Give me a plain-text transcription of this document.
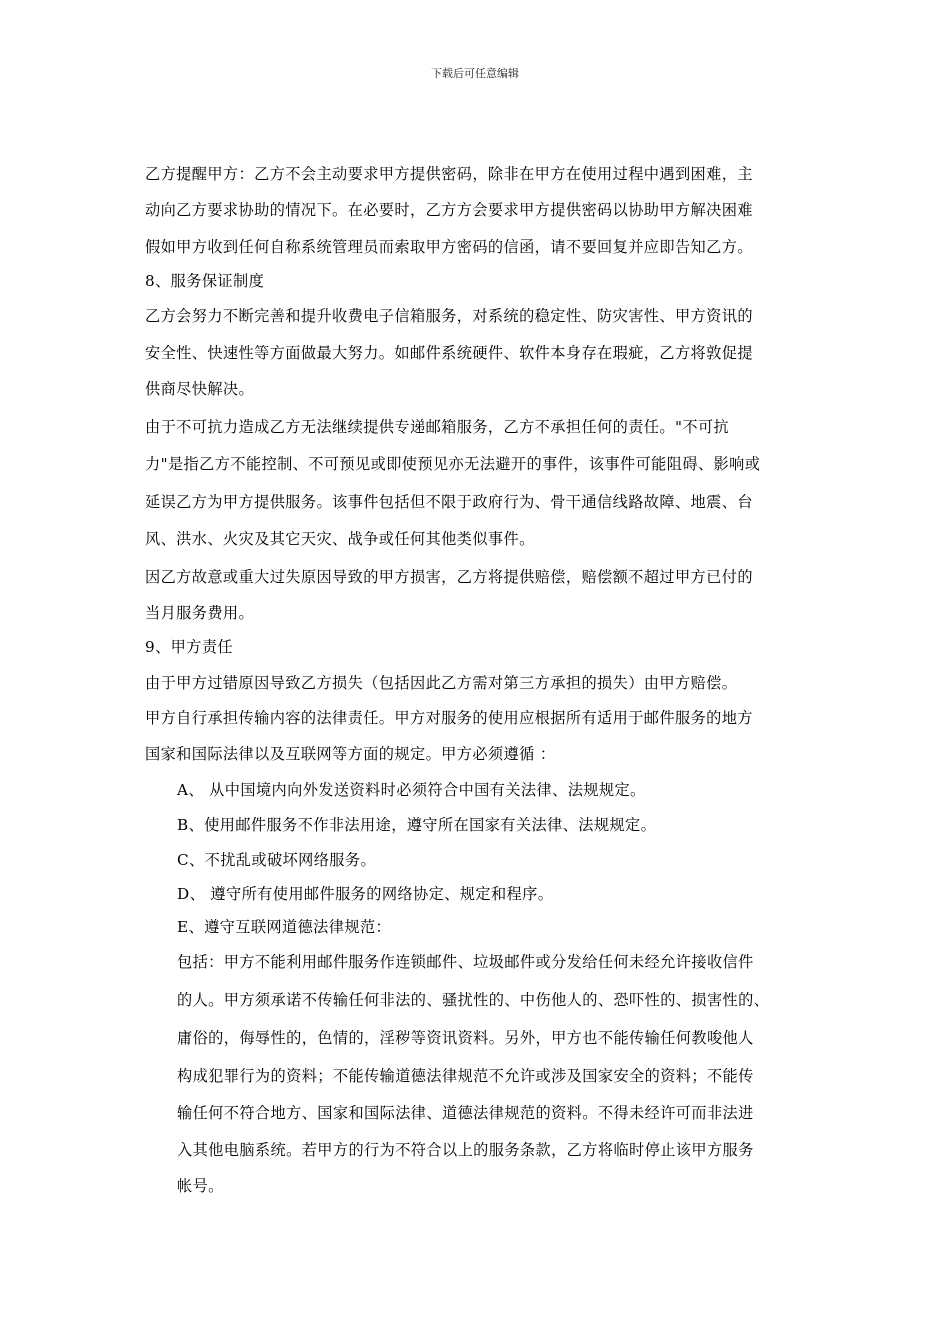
下载后可任意编辑
乙方提醒甲方：乙方不会主动要求甲方提供密码，除非在甲方在使用过程中遇到困难，主
动向乙方要求协助的情况下。在必要时，乙方方会要求甲方提供密码以协助甲方解决困难
假如甲方收到任何自称系统管理员而索取甲方密码的信函，请不要回复并应即告知乙方。
8、服务保证制度
乙方会努力不断完善和提升收费电子信箱服务，对系统的稳定性、防灾害性、甲方资讯的
安全性、快速性等方面做最大努力。如邮件系统硬件、软件本身存在瑕疵，乙方将敦促提
供商尽快解决。
由于不可抗力造成乙方无法继续提供专递邮箱服务，乙方不承担任何的责任。"不可抗
力"是指乙方不能控制、不可预见或即使预见亦无法避开的事件，该事件可能阻碍、影响或
延误乙方为甲方提供服务。该事件包括但不限于政府行为、骨干通信线路故障、地震、台
风、洪水、火灾及其它天灾、战争或任何其他类似事件。
因乙方故意或重大过失原因导致的甲方损害，乙方将提供赔偿，赔偿额不超过甲方已付的
当月服务费用。
9、甲方责任
由于甲方过错原因导致乙方损失（包括因此乙方需对第三方承担的损失）由甲方赔偿。
甲方自行承担传输内容的法律责任。甲方对服务的使用应根据所有适用于邮件服务的地方
国家和国际法律以及互联网等方面的规定。甲方必须遵循 ：
A、 从中国境内向外发送资料时必须符合中国有关法律、法规规定。
B、使用邮件服务不作非法用途，遵守所在国家有关法律、法规规定。
C、不扰乱或破坏网络服务。
D、 遵守所有使用邮件服务的网络协定、规定和程序。
E、遵守互联网道德法律规范：
包括：甲方不能利用邮件服务作连锁邮件、垃圾邮件或分发给任何未经允许接收信件
的人。甲方须承诺不传输任何非法的、骚扰性的、中伤他人的、恐吓性的、损害性的、
庸俗的，侮辱性的，色情的，淫秽等资讯资料。另外，甲方也不能传输任何教唆他人
构成犯罪行为的资料；不能传输道德法律规范不允许或涉及国家安全的资料；不能传
输任何不符合地方、国家和国际法律、道德法律规范的资料。不得未经许可而非法进
入其他电脑系统。若甲方的行为不符合以上的服务条款，乙方将临时停止该甲方服务
帐号。
